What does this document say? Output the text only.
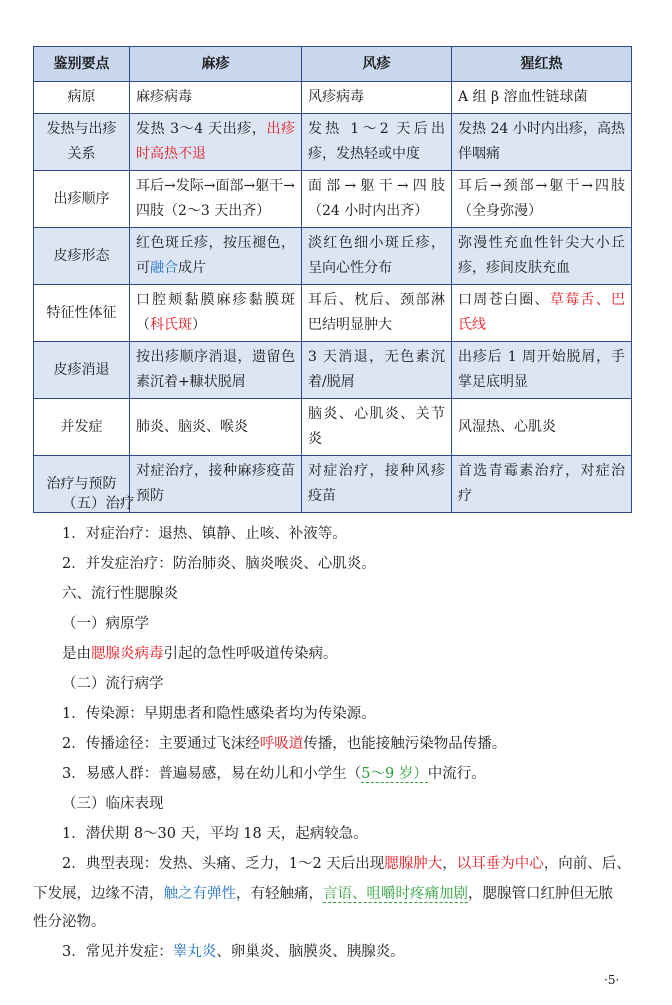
鉴别要点	麻疹	风疹	猩红热
病原	麻疹病毒	风疹病毒	A 组 β 溶血性链球菌
发热与出疹关系	发热 3～4 天出疹，出疹时高热不退	发热 1～2 天后出疹，发热轻或中度	发热 24 小时内出疹，高热伴咽痛
出疹顺序	耳后→发际→面部→躯干→四肢（2～3 天出齐）	面部→躯干→四肢（24 小时内出齐）	耳后→颈部→躯干→四肢（全身弥漫）
皮疹形态	红色斑丘疹，按压褪色，可融合成片	淡红色细小斑丘疹，呈向心性分布	弥漫性充血性针尖大小丘疹，疹间皮肤充血
特征性体征	口腔颊黏膜麻疹黏膜斑（科氏斑）	耳后、枕后、颈部淋巴结明显肿大	口周苍白圈、草莓舌、巴氏线
皮疹消退	按出疹顺序消退，遗留色素沉着+糠状脱屑	3 天消退，无色素沉着/脱屑	出疹后 1 周开始脱屑，手掌足底明显
并发症	肺炎、脑炎、喉炎	脑炎、心肌炎、关节炎	风湿热、心肌炎
治疗与预防	对症治疗，接种麻疹疫苗预防	对症治疗，接种风疹疫苗	首选青霉素治疗，对症治疗
（五）治疗
1．对症治疗：退热、镇静、止咳、补液等。
2．并发症治疗：防治肺炎、脑炎喉炎、心肌炎。
六、流行性腮腺炎
（一）病原学
是由腮腺炎病毒引起的急性呼吸道传染病。
（二）流行病学
1．传染源：早期患者和隐性感染者均为传染源。
2．传播途径：主要通过飞沫经呼吸道传播，也能接触污染物品传播。
3．易感人群：普遍易感，易在幼儿和小学生（5～9 岁）中流行。
（三）临床表现
1．潜伏期 8～30 天，平均 18 天，起病较急。
2．典型表现：发热、头痛、乏力，1～2 天后出现腮腺肿大，以耳垂为中心，向前、后、
下发展，边缘不清，触之有弹性，有轻触痛，言语、咀嚼时疼痛加剧，腮腺管口红肿但无脓
性分泌物。
3．常见并发症：睾丸炎、卵巢炎、脑膜炎、胰腺炎。
·5·
